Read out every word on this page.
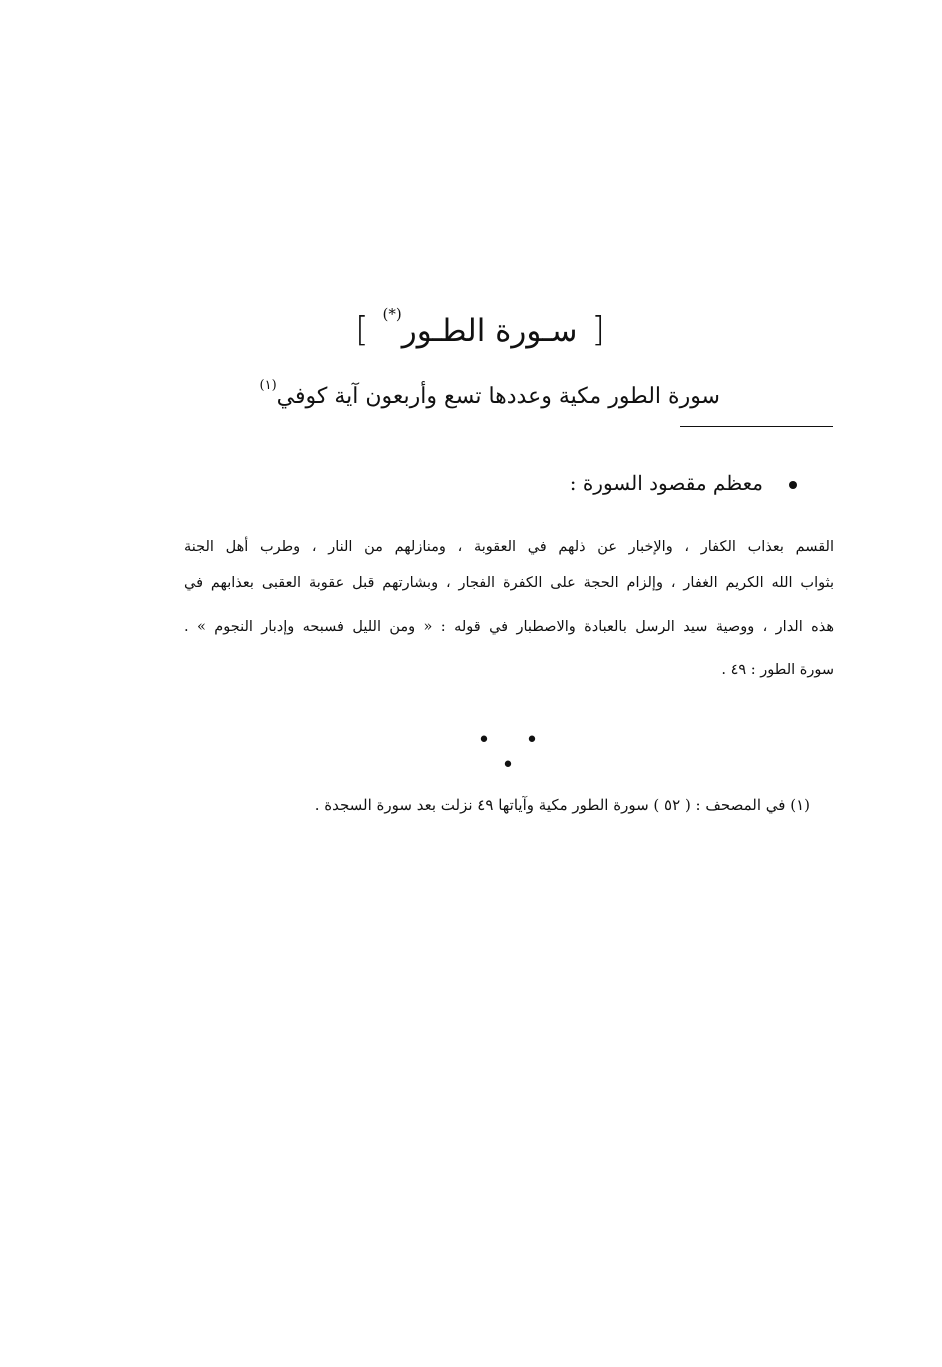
[سـورة الطـور(*)]
سورة الطور مكية وعددها تسع وأربعون آية كوفي$^{(١)}$
معظم مقصود السورة :
القسم بعذاب الكفار ، والإخبار عن ذلهم في العقوبة ، ومنازلهم من النار ، وطرب أهل الجنة
بثواب الله الكريم الغفار ، وإلزام الحجة على الكفرة الفجار ، وبشارتهم قبل عقوبة العقبى بعذابهم في
هذه الدار ، ووصية سيد الرسل بالعبادة والاصطبار في قوله : « ومن الليل فسبحه وإدبار النجوم » .
سورة الطور : ٤٩ .
• • •
(١) في المصحف : ( ٥٢ ) سورة الطور مكية وآياتها ٤٩ نزلت بعد سورة السجدة .
